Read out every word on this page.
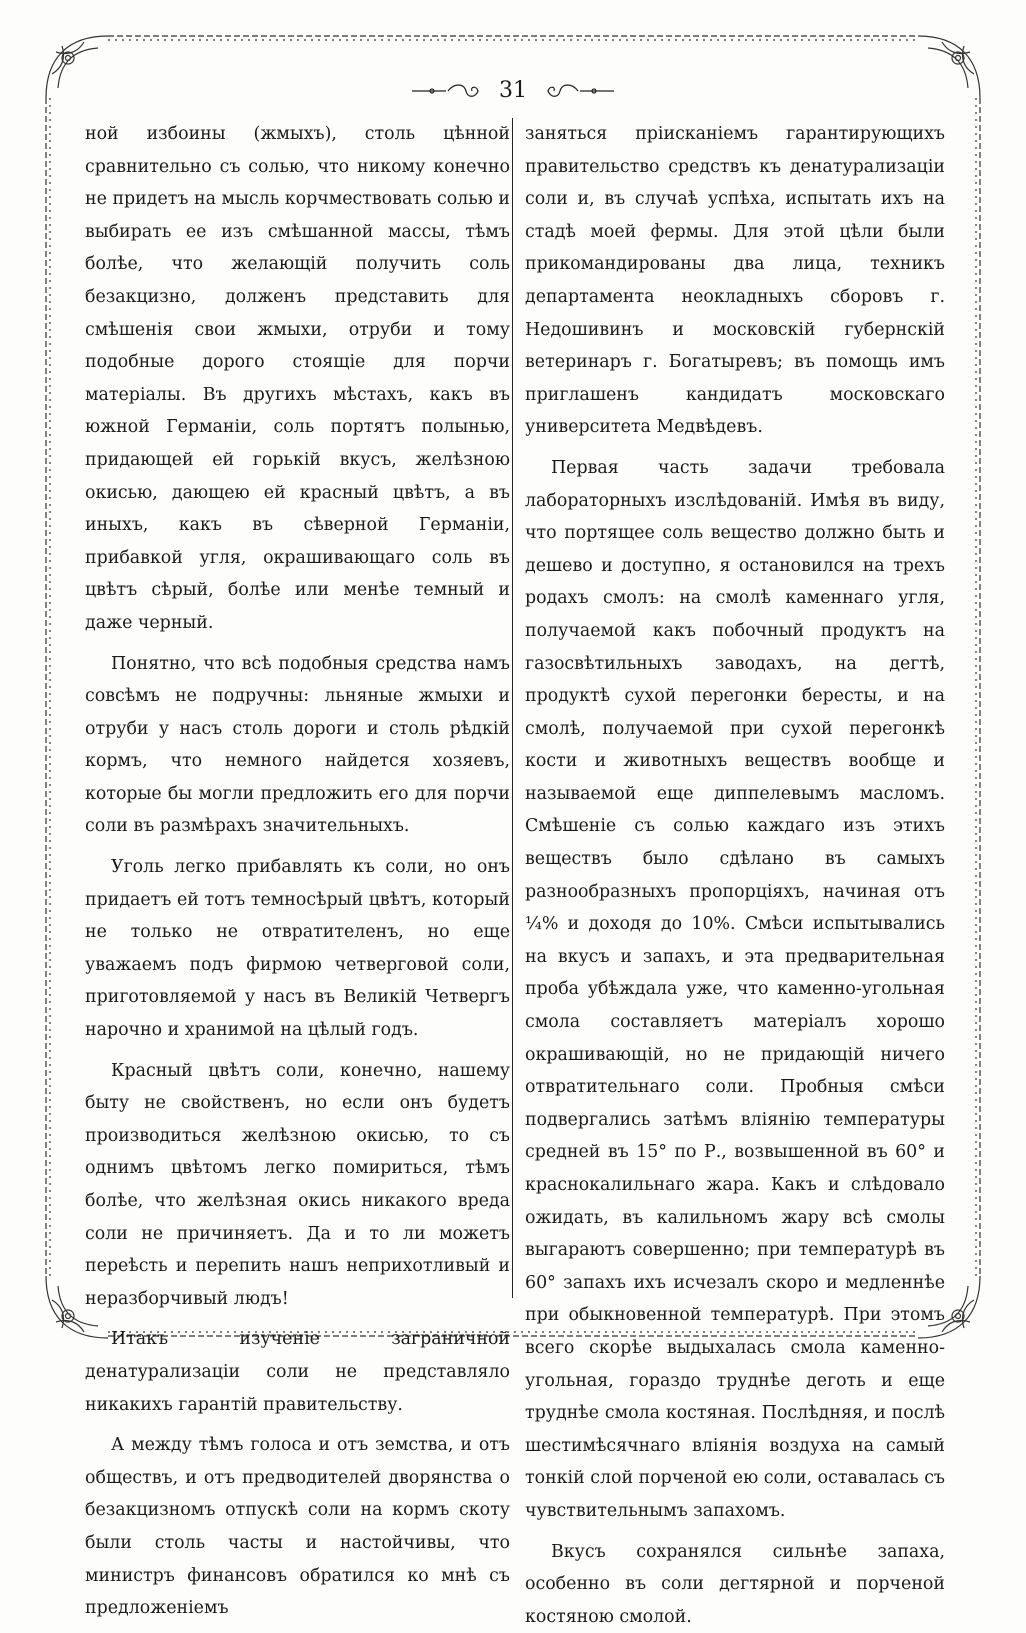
31

ной избоины (жмыхъ), столь цѣнной сравнительно съ солью, что никому конечно не придетъ на мысль корчмествовать солью и выбирать ее изъ смѣшанной массы, тѣмъ болѣе, что желающій получить соль безакцизно, долженъ представить для смѣшенія свои жмыхи, отруби и тому подобные дорого стоящіе для порчи матеріалы. Въ другихъ мѣстахъ, какъ въ южной Германіи, соль портятъ полынью, придающей ей горькій вкусъ, желѣзною окисью, дающею ей красный цвѣтъ, а въ иныхъ, какъ въ сѣверной Германіи, прибавкой угля, окрашивающаго соль въ цвѣтъ сѣрый, болѣе или менѣе темный и даже черный.

Понятно, что всѣ подобныя средства намъ совсѣмъ не подручны: льняные жмыхи и отруби у насъ столь дороги и столь рѣдкій кормъ, что немного найдется хозяевъ, которые бы могли предложить его для порчи соли въ размѣрахъ значительныхъ.

Уголь легко прибавлять къ соли, но онъ придаетъ ей тотъ темносѣрый цвѣтъ, который не только не отвратителенъ, но еще уважаемъ подъ фирмою четверговой соли, приготовляемой у насъ въ Великій Четвергъ нарочно и хранимой на цѣлый годъ.

Красный цвѣтъ соли, конечно, нашему быту не свойственъ, но если онъ будетъ производиться желѣзною окисью, то съ однимъ цвѣтомъ легко помириться, тѣмъ болѣе, что желѣзная окись никакого вреда соли не причиняетъ. Да и то ли можетъ переѣсть и перепить нашъ неприхотливый и неразборчивый людъ!

Итакъ изученіе заграничной денатурализаціи соли не представляло никакихъ гарантій правительству.

А между тѣмъ голоса и отъ земства, и отъ обществъ, и отъ предводителей дворянства о безакцизномъ отпускѣ соли на кормъ скоту были столь часты и настойчивы, что министръ финансовъ обратился ко мнѣ съ предложеніемъ

заняться пріисканіемъ гарантирующихъ правительство средствъ къ денатурализаціи соли и, въ случаѣ успѣха, испытать ихъ на стадѣ моей фермы. Для этой цѣли были прикомандированы два лица, техникъ департамента неокладныхъ сборовъ г. Недошивинъ и московскій губернскій ветеринаръ г. Богатыревъ; въ помощь имъ приглашенъ кандидатъ московскаго университета Медвѣдевъ.

Первая часть задачи требовала лабораторныхъ изслѣдованій. Имѣя въ виду, что портящее соль вещество должно быть и дешево и доступно, я остановился на трехъ родахъ смолъ: на смолѣ каменнаго угля, получаемой какъ побочный продуктъ на газосвѣтильныхъ заводахъ, на дегтѣ, продуктѣ сухой перегонки бересты, и на смолѣ, получаемой при сухой перегонкѣ кости и животныхъ веществъ вообще и называемой еще диппелевымъ масломъ. Смѣшеніе съ солью каждаго изъ этихъ веществъ было сдѣлано въ самыхъ разнообразныхъ пропорціяхъ, начиная отъ ¼% и доходя до 10%. Смѣси испытывались на вкусъ и запахъ, и эта предварительная проба убѣждала уже, что каменно-угольная смола составляетъ матеріалъ хорошо окрашивающій, но не придающій ничего отвратительнаго соли. Пробныя смѣси подвергались затѣмъ вліянію температуры средней въ 15° по Р., возвышенной въ 60° и краснокалильнаго жара. Какъ и слѣдовало ожидать, въ калильномъ жару всѣ смолы выгараютъ совершенно; при температурѣ въ 60° запахъ ихъ исчезалъ скоро и медленнѣе при обыкновенной температурѣ. При этомъ всего скорѣе выдыхалась смола каменно-угольная, гораздо труднѣе деготь и еще труднѣе смола костяная. Послѣдняя, и послѣ шестимѣсячнаго вліянія воздуха на самый тонкій слой порченой ею соли, оставалась съ чувствительнымъ запахомъ.

Вкусъ сохранялся сильнѣе запаха, особенно въ соли дегтярной и порченой костяною смолой.
